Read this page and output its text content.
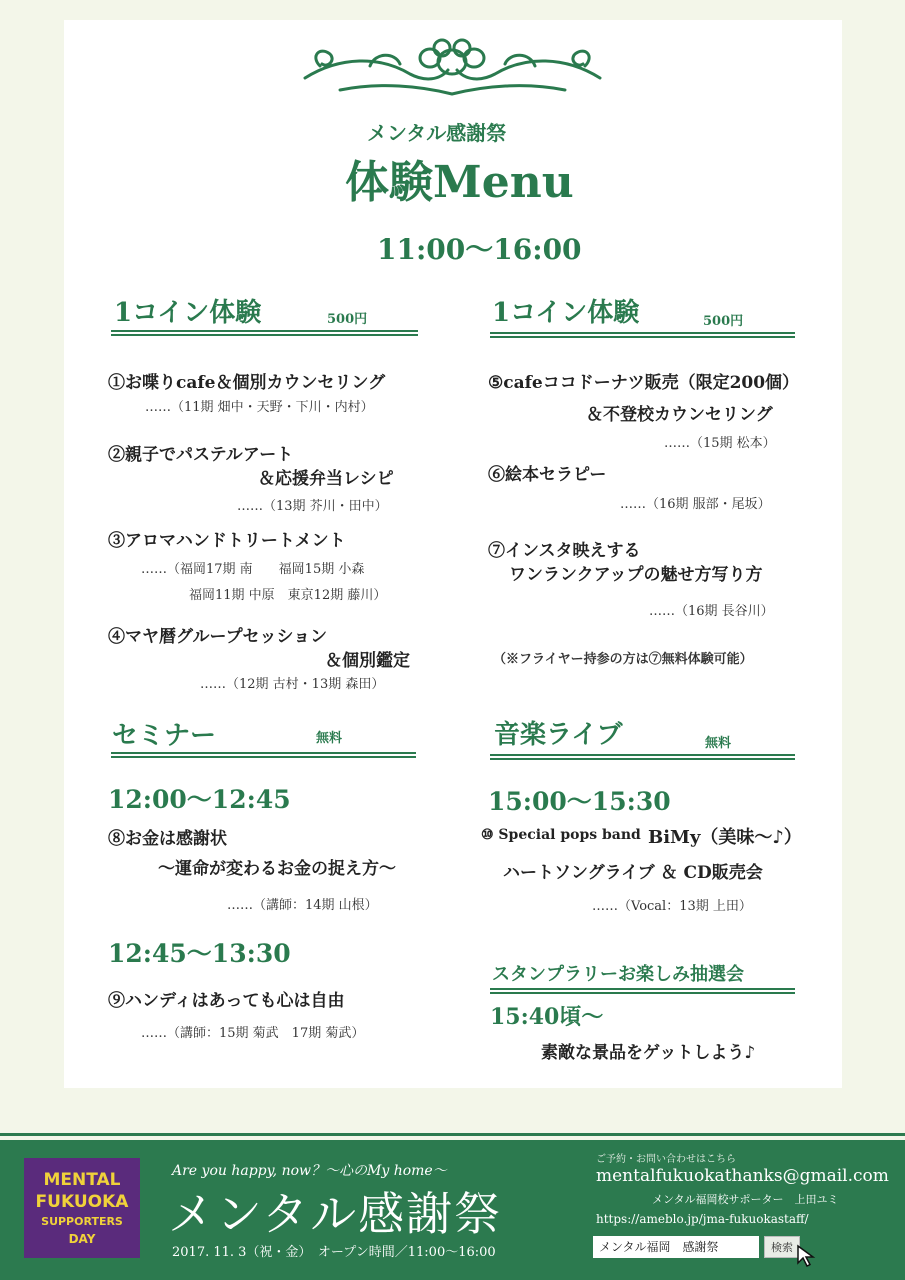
メンタル感謝祭
体験Menu
11:00〜16:00
1コイン体験	500円
①お喋りcafe＆個別カウンセリング
……（11期 畑中・天野・下川・内村）
②親子でパステルアート
＆応援弁当レシピ
……（13期 芥川・田中）
③アロマハンドトリートメント
……（福岡17期 南　　福岡15期 小森
福岡11期 中原　東京12期 藤川）
④マヤ暦グループセッション
＆個別鑑定
……（12期 古村・13期 森田）
セミナー	無料
12:00〜12:45
⑧お金は感謝状
〜運命が変わるお金の捉え方〜
……（講師：14期 山根）
12:45〜13:30
⑨ハンディはあっても心は自由
……（講師：15期 菊武　17期 菊武）
1コイン体験	500円
⑤cafeココドーナツ販売（限定200個）
＆不登校カウンセリング
……（15期 松本）
⑥絵本セラピー
……（16期 服部・尾坂）
⑦インスタ映えする
ワンランクアップの魅せ方写り方
……（16期 長谷川）
（※フライヤー持参の方は⑦無料体験可能）
音楽ライブ	無料
15:00〜15:30
⑩ Special pops band BiMy（美味〜♪）
ハートソングライブ ＆ CD販売会
……（Vocal：13期 上田）
スタンプラリーお楽しみ抽選会
15:40頃〜
素敵な景品をゲットしよう♪
MENTAL
FUKUOKA
SUPPORTERS
DAY
Are you happy, now？〜心のMy home〜
メンタル感謝祭
2017. 11. 3（祝・金）　オープン時間／11:00〜16:00
ご予約・お問い合わせはこちら
mentalfukuokathanks@gmail.com
メンタル福岡校サポーター　上田ユミ
https://ameblo.jp/jma-fukuokastaff/
メンタル福岡　感謝祭	検索
